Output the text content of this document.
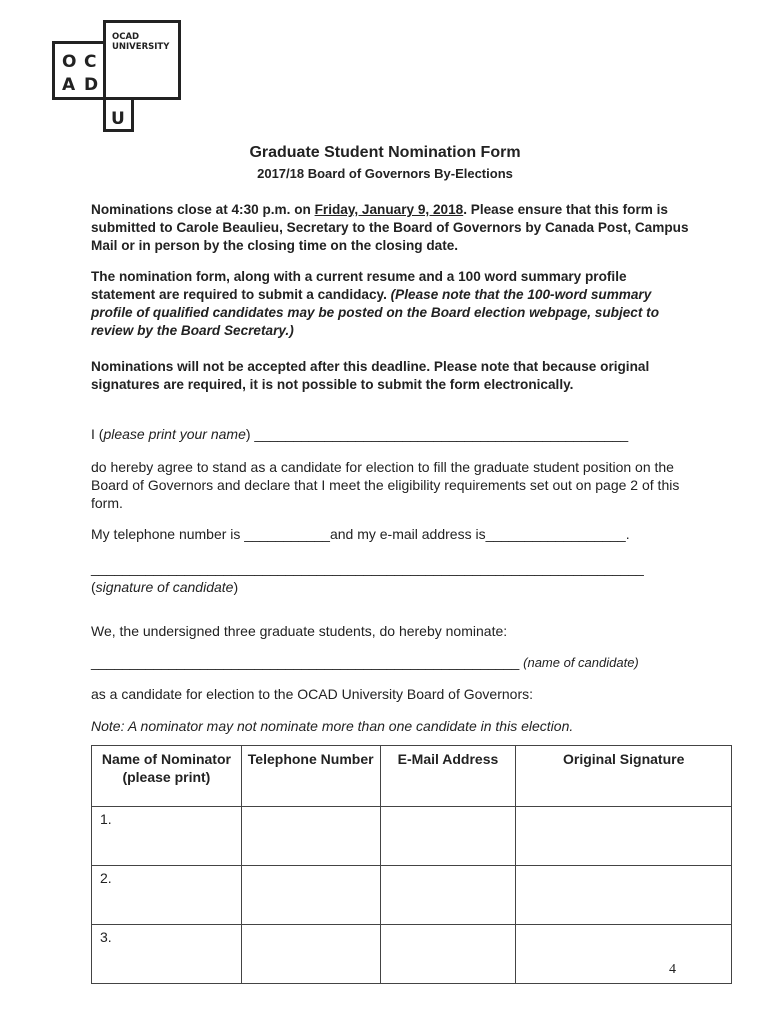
OCAD
UNIVERSITY
O C
A D
U
Graduate Student Nomination Form
2017/18 Board of Governors By-Elections
Nominations close at 4:30 p.m. on Friday, January 9, 2018. Please ensure that this form is submitted to Carole Beaulieu, Secretary to the Board of Governors by Canada Post, Campus Mail or in person by the closing time on the closing date.
The nomination form, along with a current resume and a 100 word summary profile statement are required to submit a candidacy. (Please note that the 100-word summary profile of qualified candidates may be posted on the Board election webpage, subject to review by the Board Secretary.)
Nominations will not be accepted after this deadline. Please note that because original signatures are required, it is not possible to submit the form electronically.
I (please print your name) ________________________________________________
do hereby agree to stand as a candidate for election to fill the graduate student position on the Board of Governors and declare that I meet the eligibility requirements set out on page 2 of this form.
My telephone number is ___________and my e-mail address is__________________.
_______________________________________________________________________
(signature of candidate)
We, the undersigned three graduate students, do hereby nominate:
_______________________________________________________ (name of candidate)
as a candidate for election to the OCAD University Board of Governors:
Note: A nominator may not nominate more than one candidate in this election.
Name of Nominator (please print)	Telephone Number	E-Mail Address	Original Signature
1.			
2.			
3.			
4
